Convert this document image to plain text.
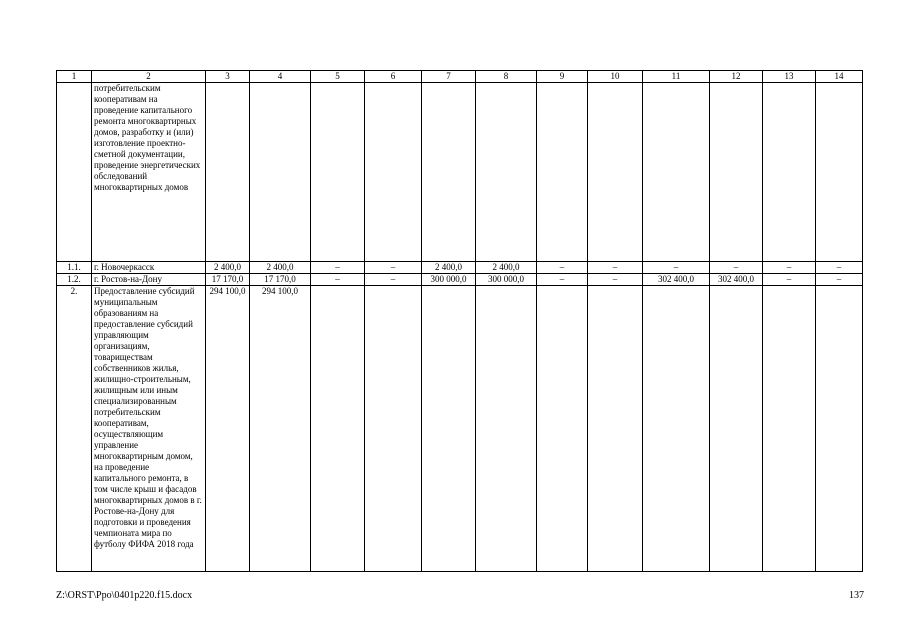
1	2	3	4	5	6	7	8	9	10	11	12	13	14
	потребительским кооперативам на проведение капитального ремонта многоквартирных домов, разработку и (или) изготовление проектно-сметной документации, проведение энергетических обследований многоквартирных домов												
1.1.	г. Новочеркасск	2 400,0	2 400,0	–	–	2 400,0	2 400,0	–	–	–	–	–	–
1.2.	г. Ростов-на-Дону	17 170,0	17 170,0	–	–	300 000,0	300 000,0	–	–	302 400,0	302 400,0	–	–
2.	Предоставление субсидий муниципальным образованиям на предоставление субсидий управляющим организациям, товариществам собственников жилья, жилищно-строительным, жилищным или иным специализированным потребительским кооперативам, осуществляющим управление многоквартирным домом, на проведение капитального ремонта, в том числе крыш и фасадов многоквартирных домов в г. Ростове-на-Дону для подготовки и проведения чемпионата мира по футболу ФИФА 2018 года	294 100,0	294 100,0										
Z:\ORST\Ppo\0401p220.f15.docx	137
